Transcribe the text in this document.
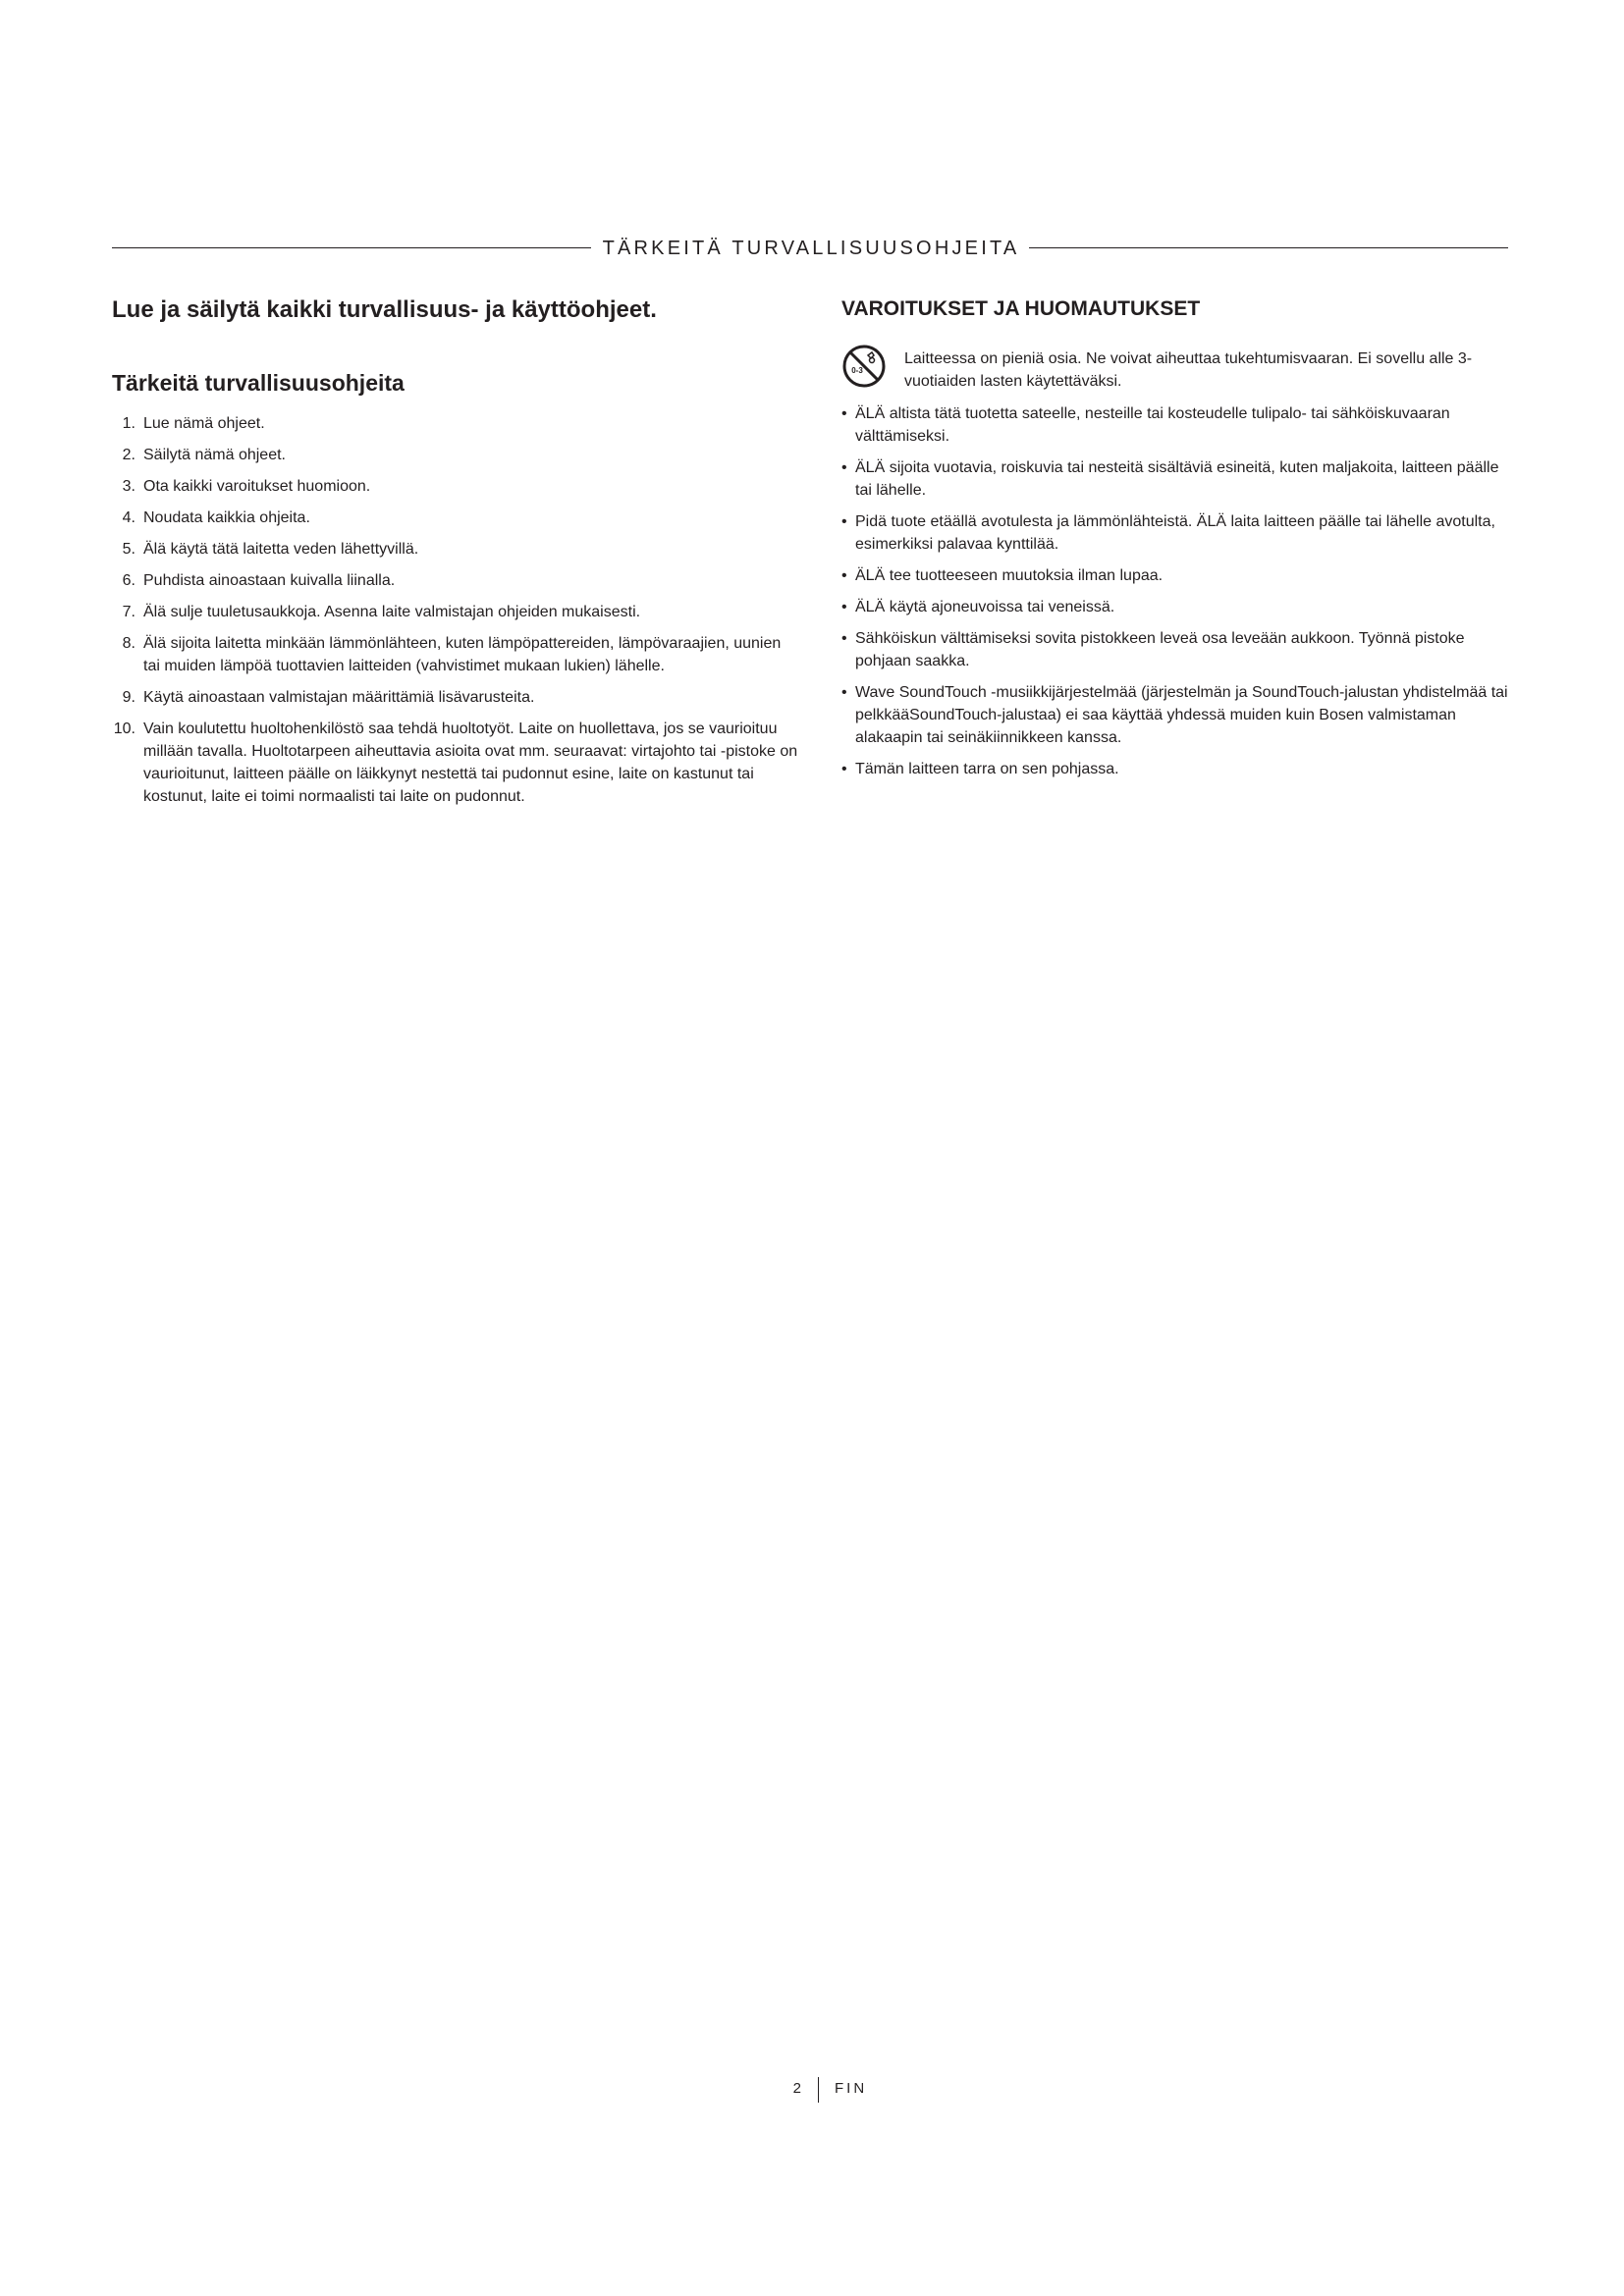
TÄRKEITÄ TURVALLISUUSOHJEITA
Lue ja säilytä kaikki turvallisuus- ja käyttöohjeet.
Tärkeitä turvallisuusohjeita
1. Lue nämä ohjeet.
2. Säilytä nämä ohjeet.
3. Ota kaikki varoitukset huomioon.
4. Noudata kaikkia ohjeita.
5. Älä käytä tätä laitetta veden lähettyvillä.
6. Puhdista ainoastaan kuivalla liinalla.
7. Älä sulje tuuletusaukkoja. Asenna laite valmistajan ohjeiden mukaisesti.
8. Älä sijoita laitetta minkään lämmönlähteen, kuten lämpöpattereiden, lämpövaraajien, uunien tai muiden lämpöä tuottavien laitteiden (vahvistimet mukaan lukien) lähelle.
9. Käytä ainoastaan valmistajan määrittämiä lisävarusteita.
10. Vain koulutettu huoltohenkilöstö saa tehdä huoltotyöt. Laite on huollettava, jos se vaurioituu millään tavalla. Huoltotarpeen aiheuttavia asioita ovat mm. seuraavat: virtajohto tai -pistoke on vaurioitunut, laitteen päälle on läikkynyt nestettä tai pudonnut esine, laite on kastunut tai kostunut, laite ei toimi normaalisti tai laite on pudonnut.
VAROITUKSET JA HUOMAUTUKSET
0-3
Laitteessa on pieniä osia. Ne voivat aiheuttaa tukehtumisvaaran. Ei sovellu alle 3-vuotiaiden lasten käytettäväksi.
• ÄLÄ altista tätä tuotetta sateelle, nesteille tai kosteudelle tulipalo- tai sähköiskuvaaran välttämiseksi.
• ÄLÄ sijoita vuotavia, roiskuvia tai nesteitä sisältäviä esineitä, kuten maljakoita, laitteen päälle tai lähelle.
• Pidä tuote etäällä avotulesta ja lämmönlähteistä. ÄLÄ laita laitteen päälle tai lähelle avotulta, esimerkiksi palavaa kynttilää.
• ÄLÄ tee tuotteeseen muutoksia ilman lupaa.
• ÄLÄ käytä ajoneuvoissa tai veneissä.
• Sähköiskun välttämiseksi sovita pistokkeen leveä osa leveään aukkoon. Työnnä pistoke pohjaan saakka.
• Wave SoundTouch -musiikkijärjestelmää (järjestelmän ja SoundTouch-jalustan yhdistelmää tai pelkkääSoundTouch-jalustaa) ei saa käyttää yhdessä muiden kuin Bosen valmistaman alakaapin tai seinäkiinnikkeen kanssa.
• Tämän laitteen tarra on sen pohjassa.
2 FIN
